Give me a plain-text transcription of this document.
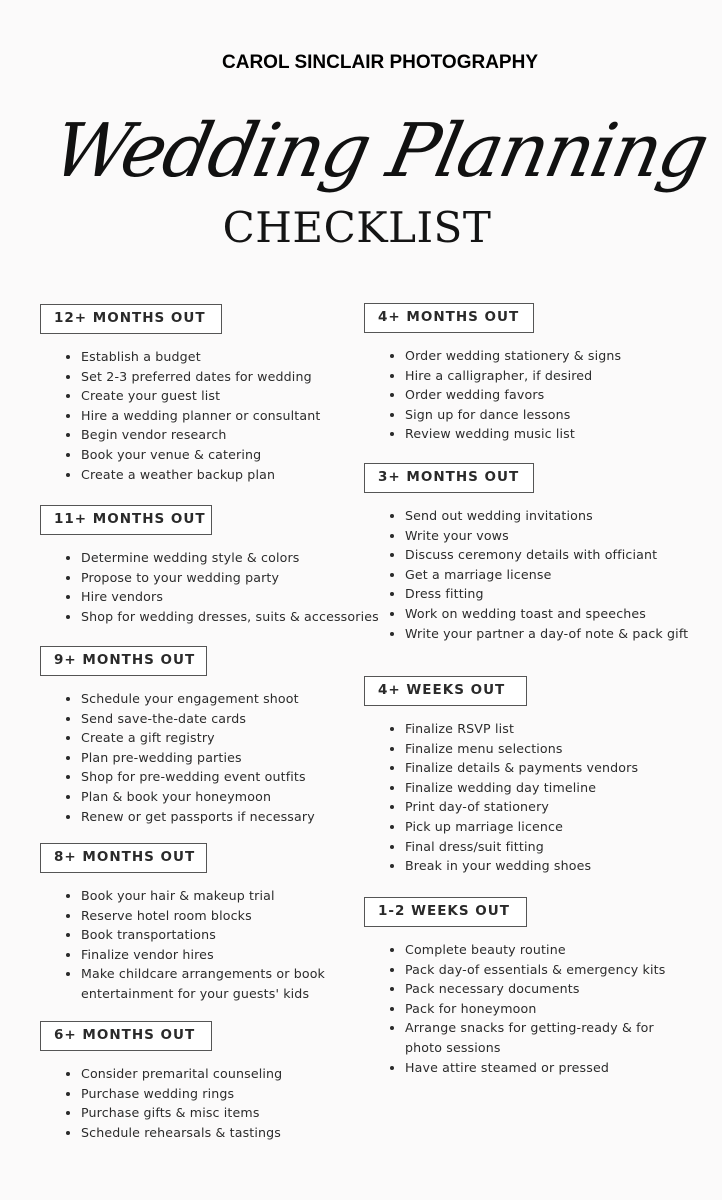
CAROL SINCLAIR PHOTOGRAPHY
Wedding Planning
CHECKLIST
12+ MONTHS OUT
Establish a budget
Set 2-3 preferred dates for wedding
Create your guest list
Hire a wedding planner or consultant
Begin vendor research
Book your venue & catering
Create a weather backup plan
11+ MONTHS OUT
Determine wedding style & colors
Propose to your wedding party
Hire vendors
Shop for wedding dresses, suits & accessories
9+ MONTHS OUT
Schedule your engagement shoot
Send save-the-date cards
Create a gift registry
Plan pre-wedding parties
Shop for pre-wedding event outfits
Plan & book your honeymoon
Renew or get passports if necessary
8+ MONTHS OUT
Book your hair & makeup trial
Reserve hotel room blocks
Book transportations
Finalize vendor hires
Make childcare arrangements or book
entertainment for your guests' kids
6+ MONTHS OUT
Consider premarital counseling
Purchase wedding rings
Purchase gifts & misc items
Schedule rehearsals & tastings
4+ MONTHS OUT
Order wedding stationery & signs
Hire a calligrapher, if desired
Order wedding favors
Sign up for dance lessons
Review wedding music list
3+ MONTHS OUT
Send out wedding invitations
Write your vows
Discuss ceremony details with officiant
Get a marriage license
Dress fitting
Work on wedding toast and speeches
Write your partner a day-of note & pack gift
4+ WEEKS OUT
Finalize RSVP list
Finalize menu selections
Finalize details & payments vendors
Finalize wedding day timeline
Print day-of stationery
Pick up marriage licence
Final dress/suit fitting
Break in your wedding shoes
1-2 WEEKS OUT
Complete beauty routine
Pack day-of essentials & emergency kits
Pack necessary documents
Pack for honeymoon
Arrange snacks for getting-ready & for
photo sessions
Have attire steamed or pressed
